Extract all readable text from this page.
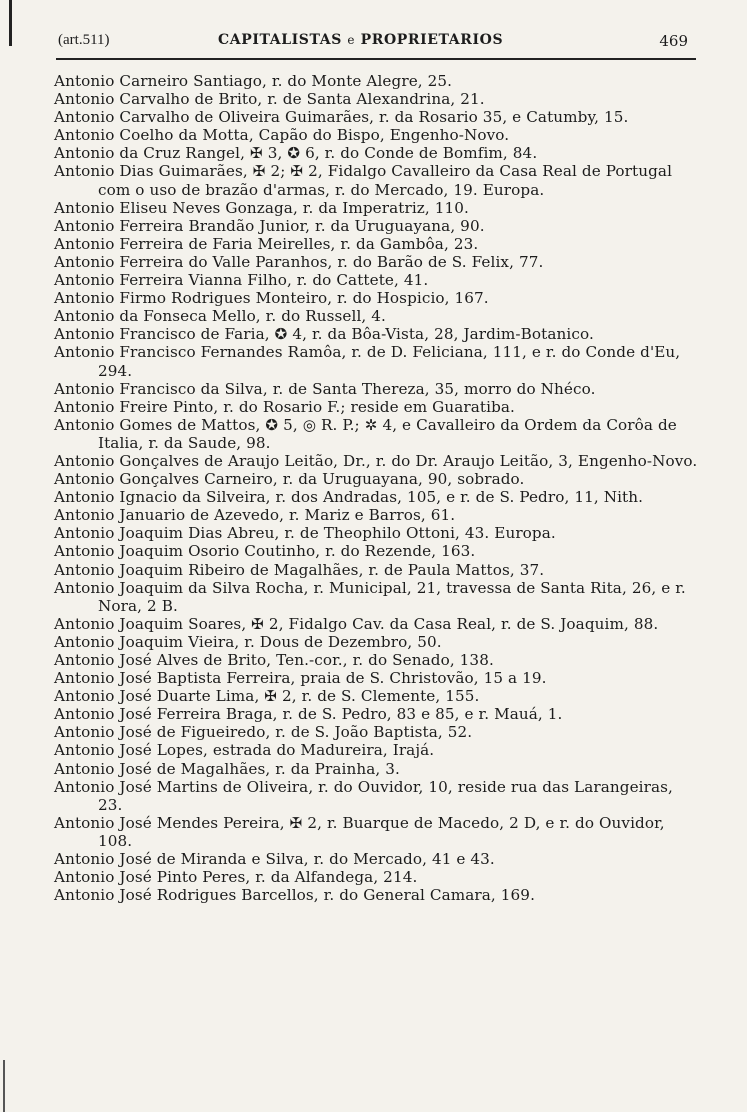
(art.511)	CAPITALISTAS e PROPRIETARIOS	469

Antonio Carneiro Santiago, r. do Monte Alegre, 25.

Antonio Carvalho de Brito, r. de Santa Alexandrina, 21.

Antonio Carvalho de Oliveira Guimarães, r. da Rosario 35, e Catumby, 15.

Antonio Coelho da Motta, Capão do Bispo, Engenho-Novo.

Antonio da Cruz Rangel, ✠ 3, ✪ 6, r. do Conde de Bomfim, 84.

Antonio Dias Guimarães, ✠ 2; ✠ 2, Fidalgo Cavalleiro da Casa Real de Portugal com o uso de brazão d'armas, r. do Mercado, 19. Europa.

Antonio Eliseu Neves Gonzaga, r. da Imperatriz, 110.

Antonio Ferreira Brandão Junior, r. da Uruguayana, 90.

Antonio Ferreira de Faria Meirelles, r. da Gambôa, 23.

Antonio Ferreira do Valle Paranhos, r. do Barão de S. Felix, 77.

Antonio Ferreira Vianna Filho, r. do Cattete, 41.

Antonio Firmo Rodrigues Monteiro, r. do Hospicio, 167.

Antonio da Fonseca Mello, r. do Russell, 4.

Antonio Francisco de Faria, ✪ 4, r. da Bôa-Vista, 28, Jardim-Botanico.

Antonio Francisco Fernandes Ramôa, r. de D. Feliciana, 111, e r. do Conde d'Eu, 294.

Antonio Francisco da Silva, r. de Santa Thereza, 35, morro do Nhéco.

Antonio Freire Pinto, r. do Rosario F.; reside em Guaratiba.

Antonio Gomes de Mattos, ✪ 5, ◎ R. P.; ✲ 4, e Cavalleiro da Ordem da Corôa de Italia, r. da Saude, 98.

Antonio Gonçalves de Araujo Leitão, Dr., r. do Dr. Araujo Leitão, 3, Engenho-Novo.

Antonio Gonçalves Carneiro, r. da Uruguayana, 90, sobrado.

Antonio Ignacio da Silveira, r. dos Andradas, 105, e r. de S. Pedro, 11, Nith.

Antonio Januario de Azevedo, r. Mariz e Barros, 61.

Antonio Joaquim Dias Abreu, r. de Theophilo Ottoni, 43. Europa.

Antonio Joaquim Osorio Coutinho, r. do Rezende, 163.

Antonio Joaquim Ribeiro de Magalhães, r. de Paula Mattos, 37.

Antonio Joaquim da Silva Rocha, r. Municipal, 21, travessa de Santa Rita, 26, e r. Nora, 2 B.

Antonio Joaquim Soares, ✠ 2, Fidalgo Cav. da Casa Real, r. de S. Joaquim, 88.

Antonio Joaquim Vieira, r. Dous de Dezembro, 50.

Antonio José Alves de Brito, Ten.-cor., r. do Senado, 138.

Antonio José Baptista Ferreira, praia de S. Christovão, 15 a 19.

Antonio José Duarte Lima, ✠ 2, r. de S. Clemente, 155.

Antonio José Ferreira Braga, r. de S. Pedro, 83 e 85, e r. Mauá, 1.

Antonio José de Figueiredo, r. de S. João Baptista, 52.

Antonio José Lopes, estrada do Madureira, Irajá.

Antonio José de Magalhães, r. da Prainha, 3.

Antonio José Martins de Oliveira, r. do Ouvidor, 10, reside rua das Larangeiras, 23.

Antonio José Mendes Pereira, ✠ 2, r. Buarque de Macedo, 2 D, e r. do Ouvidor, 108.

Antonio José de Miranda e Silva, r. do Mercado, 41 e 43.

Antonio José Pinto Peres, r. da Alfandega, 214.

Antonio José Rodrigues Barcellos, r. do General Camara, 169.
